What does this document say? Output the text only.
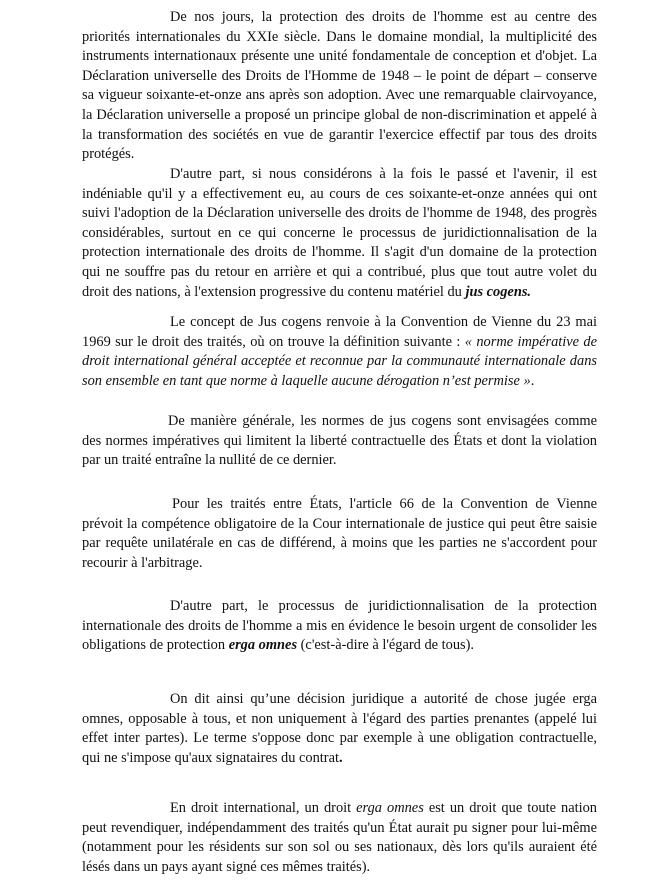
De nos jours, la protection des droits de l'homme est au centre des priorités internationales du XXIe siècle. Dans le domaine mondial, la multiplicité des instruments internationaux présente une unité fondamentale de conception et d'objet. La Déclaration universelle des Droits de l'Homme de 1948 – le point de départ – conserve sa vigueur soixante-et-onze ans après son adoption. Avec une remarquable clairvoyance, la Déclaration universelle a proposé un principe global de non-discrimination et appelé à la transformation des sociétés en vue de garantir l'exercice effectif par tous des droits protégés.

D'autre part, si nous considérons à la fois le passé et l'avenir, il est indéniable qu'il y a effectivement eu, au cours de ces soixante-et-onze années qui ont suivi l'adoption de la Déclaration universelle des droits de l'homme de 1948, des progrès considérables, surtout en ce qui concerne le processus de juridictionnalisation de la protection internationale des droits de l'homme. Il s'agit d'un domaine de la protection qui ne souffre pas du retour en arrière et qui a contribué, plus que tout autre volet du droit des nations, à l'extension progressive du contenu matériel du jus cogens.

Le concept de Jus cogens renvoie à la Convention de Vienne du 23 mai 1969 sur le droit des traités, où on trouve la définition suivante : « norme impérative de droit international général acceptée et reconnue par la communauté internationale dans son ensemble en tant que norme à laquelle aucune dérogation n’est permise ».

De manière générale, les normes de jus cogens sont envisagées comme des normes impératives qui limitent la liberté contractuelle des États et dont la violation par un traité entraîne la nullité de ce dernier.

Pour les traités entre États, l'article 66 de la Convention de Vienne prévoit la compétence obligatoire de la Cour internationale de justice qui peut être saisie par requête unilatérale en cas de différend, à moins que les parties ne s'accordent pour recourir à l'arbitrage.

D'autre part, le processus de juridictionnalisation de la protection internationale des droits de l'homme a mis en évidence le besoin urgent de consolider les obligations de protection erga omnes (c'est-à-dire à l'égard de tous).

On dit ainsi qu’une décision juridique a autorité de chose jugée erga omnes, opposable à tous, et non uniquement à l'égard des parties prenantes (appelé lui effet inter partes). Le terme s'oppose donc par exemple à une obligation contractuelle, qui ne s'impose qu'aux signataires du contrat.

En droit international, un droit erga omnes est un droit que toute nation peut revendiquer, indépendamment des traités qu'un État aurait pu signer pour lui-même (notamment pour les résidents sur son sol ou ses nationaux, dès lors qu'ils auraient été lésés dans un pays ayant signé ces mêmes traités).
